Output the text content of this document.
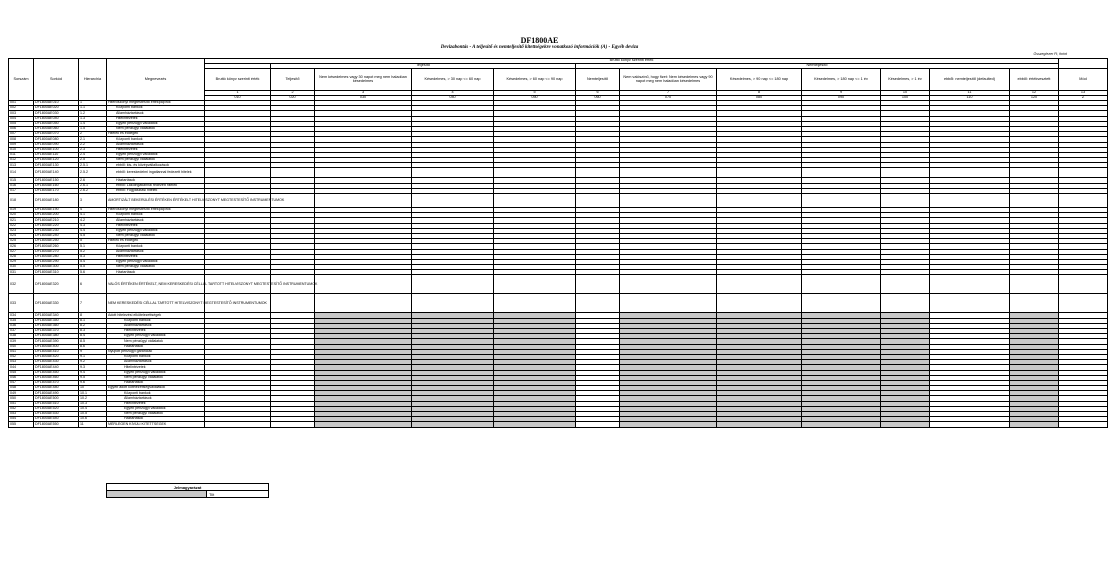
DF1800AE
Devizabontás - A teljesítő és nemteljesítő kitettségekre vonatkozó információk (A) - Egyéb deviza
Összeg/ezer Ft, forint
Sorszám	Sorkód	Hierarchia	Megnevezés	Bruttó könyv szerinti érték												
					Teljesítő				Nemteljesítő							
				Bruttó könyv szerinti érték	Teljesítő	Nem késedelmes vagy 30 napot meg nem haladóan késedelmes	Késedelmes, > 30 nap <= 60 nap	Késedelmes, > 60 nap <= 90 nap	Nemteljesítő	Nem valószínű, hogy fizet: Nem késedelmes vagy 90 napot meg nem haladóan késedelmes	Késedelmes, > 90 nap <= 180 nap	Késedelmes, > 180 nap <= 1 év	Késedelmes, > 1 év	ebből: nemteljesítő (defaulted)	ebből: értékvesztett	Mód
				1	2	3	4	5	6	7	8	9	10	11	12	13
				010	020	030	040	050	060	070	080	090	100	110	120	Z
001	DF1800AE010	1	Hitelviszonyt megtestesítő értékpapírok													
002	DF1800AE020	1.1	Központi bankok													
003	DF1800AE030	1.2	Államháztartások													
004	DF1800AE040	1.3	Hitelintézetek													
005	DF1800AE050	1.4	Egyéb pénzügyi vállalatok													
006	DF1800AE060	1.5	Nem pénzügyi vállalatok													
007	DF1800AE070	2	Hitelek és előlegek													
008	DF1800AE080	2.1	Központi bankok													
009	DF1800AE090	2.2	Államháztartások													
010	DF1800AE100	2.3	Hitelintézetek													
011	DF1800AE110	2.4	Egyéb pénzügyi vállalatok													
012	DF1800AE120	2.5	Nem pénzügyi vállalatok													
013	DF1800AE130	2.5.1	ebből: kis- és középvállalkozások													
014	DF1800AE140	2.5.2	ebből: kereskedelmi ingatlannal fedezett hitelek													
015	DF1800AE150	2.6	Háztartások													
016	DF1800AE160	2.6.1	ebből: Lakóingatlannal fedezett hitelek													
017	DF1800AE170	2.6.2	ebből: Fogyasztási hitelek													
018	DF1800AE180	3	AMORTIZÁLT BEKERÜLÉSI ÉRTÉKEN ÉRTÉKELT HITELVISZONYT MEGTESTESÍTŐ INSTRUMENTUMOK													
019	DF1800AE190	4	Hitelviszonyt megtestesítő értékpapírok													
020	DF1800AE200	4.1	Központi bankok													
021	DF1800AE210	4.2	Államháztartások													
022	DF1800AE220	4.3	Hitelintézetek													
023	DF1800AE230	4.4	Egyéb pénzügyi vállalatok													
024	DF1800AE240	4.5	Nem pénzügyi vállalatok													
025	DF1800AE250	5	Hitelek és előlegek													
026	DF1800AE260	5.1	Központi bankok													
027	DF1800AE270	5.2	Államháztartások													
028	DF1800AE280	5.3	Hitelintézetek													
029	DF1800AE290	5.4	Egyéb pénzügyi vállalatok													
030	DF1800AE300	5.5	Nem pénzügyi vállalatok													
031	DF1800AE310	5.6	Háztartások													
032	DF1800AE320	6	VALÓS ÉRTÉKEN ÉRTÉKELT, NEM KERESKEDÉSI CÉLLAL TARTOTT HITELVISZONYT MEGTESTESÍTŐ INSTRUMENTUMOK													
033	DF1800AE330	7	NEM KERESKEDÉSI CÉLLAL TARTOTT HITELVISZONYT MEGTESTESÍTŐ INSTRUMENTUMOK													
034	DF1800AE340	8	Adott hitelezési elkötelezettségek													
035	DF1800AE350	8.1	Központi bankok													
036	DF1800AE360	8.2	Államháztartások													
037	DF1800AE370	8.3	Hitelintézetek													
038	DF1800AE380	8.4	Egyéb pénzügyi vállalatok													
039	DF1800AE390	8.5	Nem pénzügyi vállalatok													
040	DF1800AE400	8.6	Háztartások													
041	DF1800AE410	9	Nyújtott pénzügyi garanciák													
042	DF1800AE420	9.1	Központi bankok													
043	DF1800AE430	9.2	Államháztartások													
044	DF1800AE440	9.3	Hitelintézetek													
045	DF1800AE450	9.4	Egyéb pénzügyi vállalatok													
046	DF1800AE460	9.5	Nem pénzügyi vállalatok													
047	DF1800AE470	9.6	Háztartások													
048	DF1800AE480	10	Egyéb adott kötelezettségvállalások													
049	DF1800AE490	10.1	Központi bankok													
050	DF1800AE500	10.2	Államháztartások													
051	DF1800AE510	10.3	Hitelintézetek													
052	DF1800AE520	10.4	Egyéb pénzügyi vállalatok													
053	DF1800AE530	10.5	Nem pénzügyi vállalatok													
054	DF1800AE540	10.6	Háztartások													
055	DF1800AE550	11	MÉRLEGEN KÍVÜLI KITETTSÉGEK													
Jelmagyarázat
	Tilt
